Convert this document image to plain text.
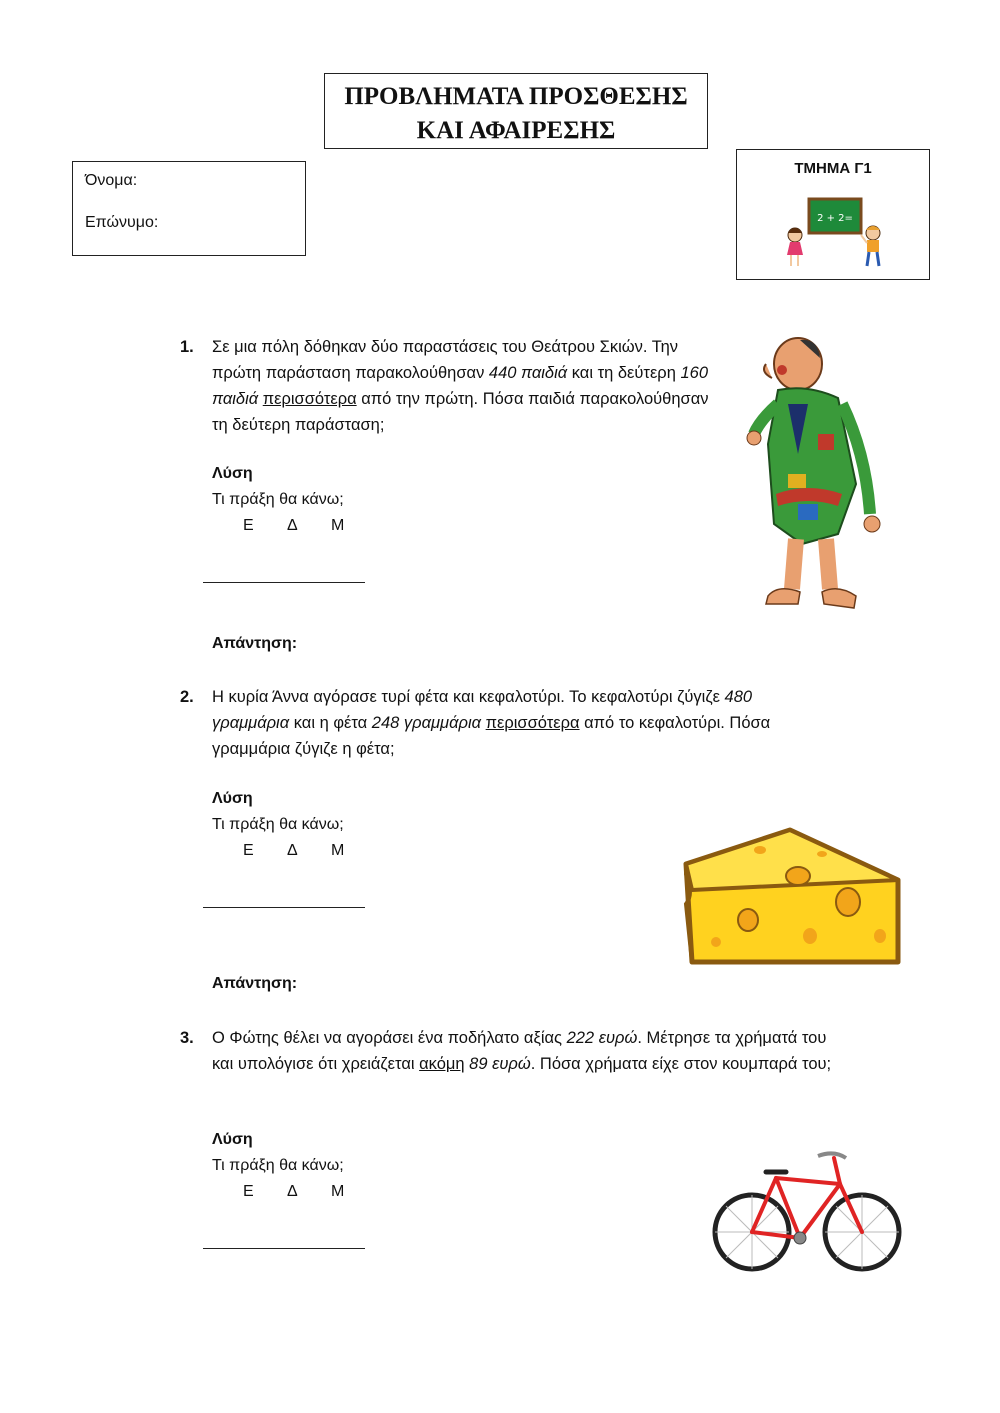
ΠΡΟΒΛΗΜΑΤΑ ΠΡΟΣΘΕΣΗΣ
ΚΑΙ ΑΦΑΙΡΕΣΗΣ
Όνομα:
Επώνυμο:
ΤΜΗΜΑ Γ1
2 + 2=
1. Σε μια πόλη δόθηκαν δύο παραστάσεις του Θεάτρου Σκιών. Την πρώτη παράσταση παρακολούθησαν 440 παιδιά και τη δεύτερη 160 παιδιά περισσότερα από την πρώτη. Πόσα παιδιά παρακολούθησαν τη δεύτερη παράσταση;
Λύση
Τι πράξη θα κάνω;
Ε Δ Μ
Απάντηση:
2. Η κυρία Άννα αγόρασε τυρί φέτα και κεφαλοτύρι. Το κεφαλοτύρι ζύγιζε 480 γραμμάρια και η φέτα 248 γραμμάρια περισσότερα από το κεφαλοτύρι. Πόσα γραμμάρια ζύγιζε η φέτα;
Λύση
Τι πράξη θα κάνω;
Ε Δ Μ
Απάντηση:
3. Ο Φώτης θέλει να αγοράσει ένα ποδήλατο αξίας 222 ευρώ. Μέτρησε τα χρήματά του και υπολόγισε ότι χρειάζεται ακόμη 89 ευρώ. Πόσα χρήματα είχε στον κουμπαρά του;
Λύση
Τι πράξη θα κάνω;
Ε Δ Μ
